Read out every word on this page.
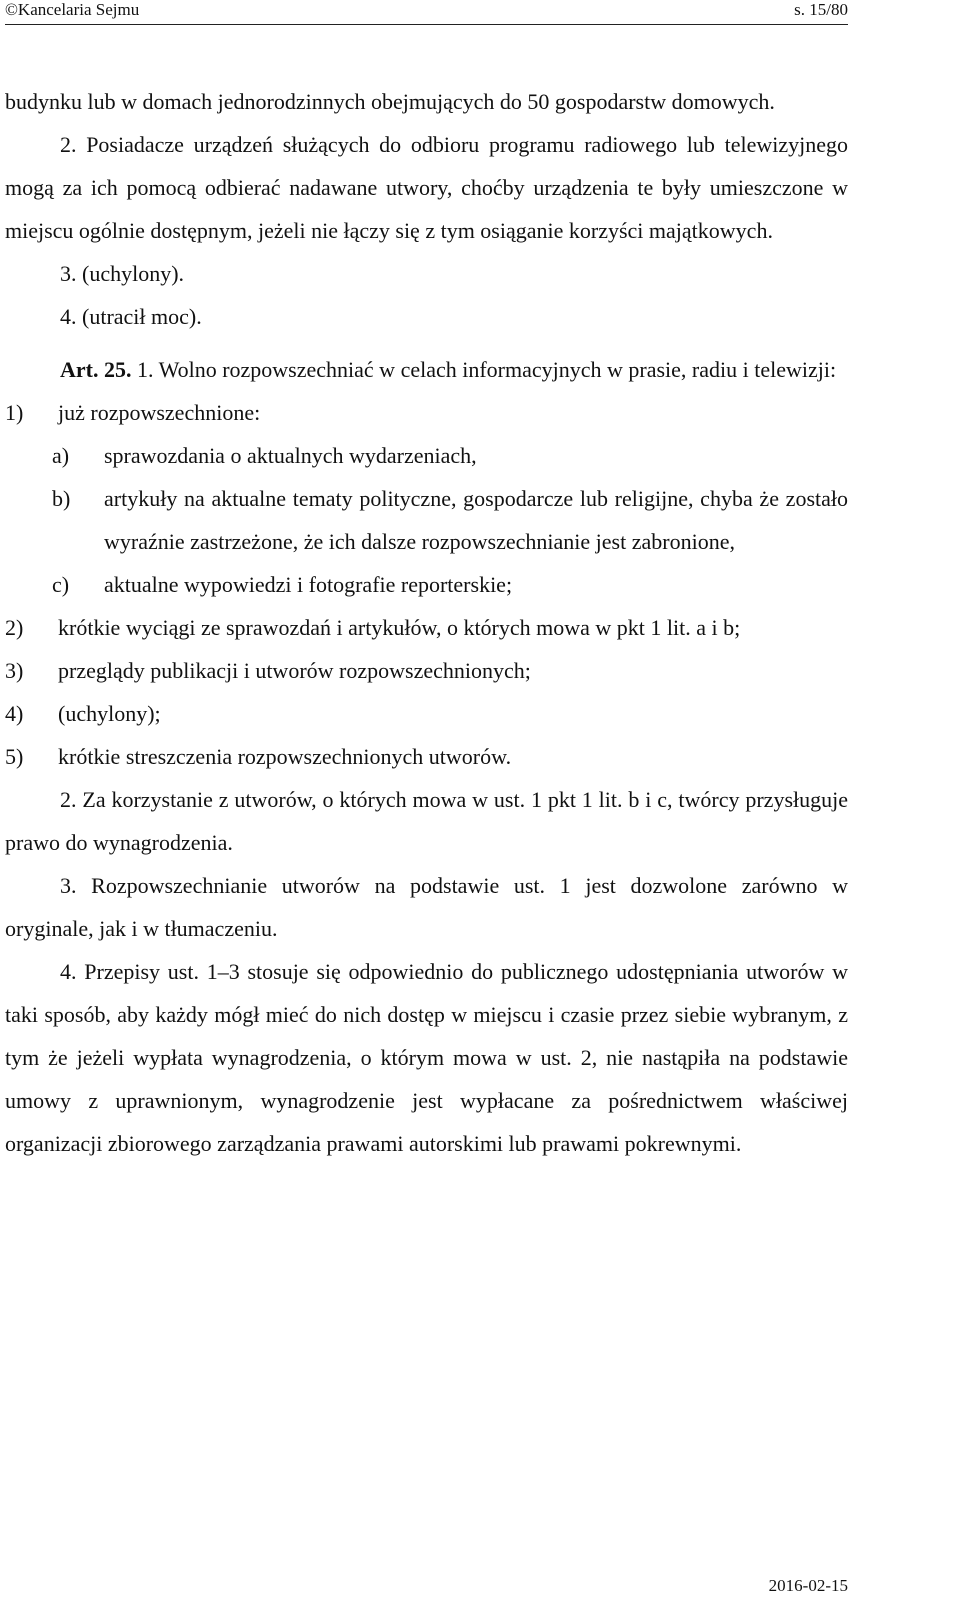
©Kancelaria Sejmu	s. 15/80

budynku lub w domach jednorodzinnych obejmujących do 50 gospodarstw domowych.

2. Posiadacze urządzeń służących do odbioru programu radiowego lub telewizyjnego mogą za ich pomocą odbierać nadawane utwory, choćby urządzenia te były umieszczone w miejscu ogólnie dostępnym, jeżeli nie łączy się z tym osiąganie korzyści majątkowych.

3. (uchylony).

4. (utracił moc).

Art. 25. 1. Wolno rozpowszechniać w celach informacyjnych w prasie, radiu i telewizji:

1)	już rozpowszechnione:
a)	sprawozdania o aktualnych wydarzeniach,
b)	artykuły na aktualne tematy polityczne, gospodarcze lub religijne, chyba że zostało wyraźnie zastrzeżone, że ich dalsze rozpowszechnianie jest zabronione,
c)	aktualne wypowiedzi i fotografie reporterskie;
2)	krótkie wyciągi ze sprawozdań i artykułów, o których mowa w pkt 1 lit. a i b;
3)	przeglądy publikacji i utworów rozpowszechnionych;
4)	(uchylony);
5)	krótkie streszczenia rozpowszechnionych utworów.

2. Za korzystanie z utworów, o których mowa w ust. 1 pkt 1 lit. b i c, twórcy przysługuje prawo do wynagrodzenia.

3. Rozpowszechnianie utworów na podstawie ust. 1 jest dozwolone zarówno w oryginale, jak i w tłumaczeniu.

4. Przepisy ust. 1–3 stosuje się odpowiednio do publicznego udostępniania utworów w taki sposób, aby każdy mógł mieć do nich dostęp w miejscu i czasie przez siebie wybranym, z tym że jeżeli wypłata wynagrodzenia, o którym mowa w ust. 2, nie nastąpiła na podstawie umowy z uprawnionym, wynagrodzenie jest wypłacane za pośrednictwem właściwej organizacji zbiorowego zarządzania prawami autorskimi lub prawami pokrewnymi.

2016-02-15
